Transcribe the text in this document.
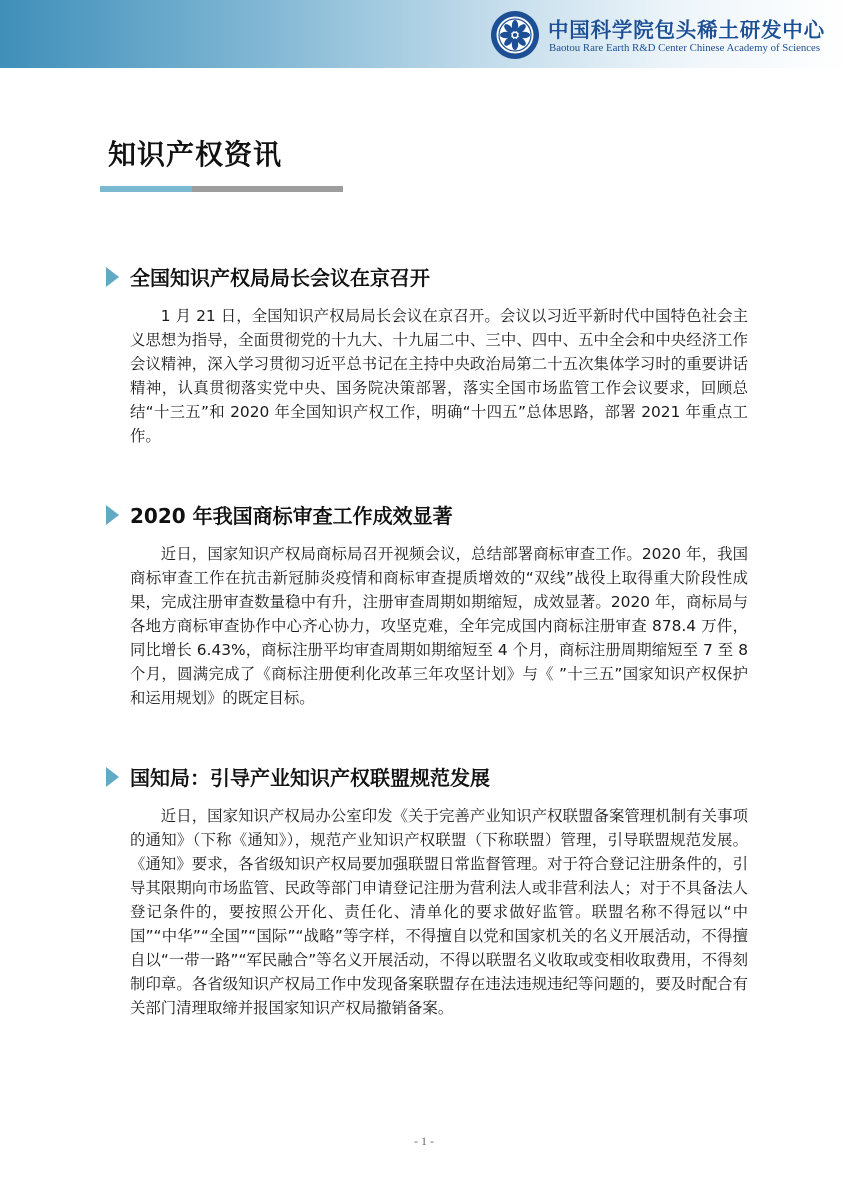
中国科学院包头稀土研发中心
Baotou Rare Earth R&D Center Chinese Academy of Sciences
知识产权资讯
全国知识产权局局长会议在京召开

1 月 21 日，全国知识产权局局长会议在京召开。会议以习近平新时代中国特色社会主义思想为指导，全面贯彻党的十九大、十九届二中、三中、四中、五中全会和中央经济工作会议精神，深入学习贯彻习近平总书记在主持中央政治局第二十五次集体学习时的重要讲话精神，认真贯彻落实党中央、国务院决策部署，落实全国市场监管工作会议要求，回顾总结“十三五”和 2020 年全国知识产权工作，明确“十四五”总体思路，部署 2021 年重点工作。

2020 年我国商标审查工作成效显著

近日，国家知识产权局商标局召开视频会议，总结部署商标审查工作。2020 年，我国商标审查工作在抗击新冠肺炎疫情和商标审查提质增效的“双线”战役上取得重大阶段性成果，完成注册审查数量稳中有升，注册审查周期如期缩短，成效显著。2020 年，商标局与各地方商标审查协作中心齐心协力，攻坚克难，全年完成国内商标注册审查 878.4 万件，同比增长 6.43%，商标注册平均审查周期如期缩短至 4 个月，商标注册周期缩短至 7 至 8 个月，圆满完成了《商标注册便利化改革三年攻坚计划》与《 ”十三五”国家知识产权保护和运用规划》的既定目标。

国知局：引导产业知识产权联盟规范发展

近日，国家知识产权局办公室印发《关于完善产业知识产权联盟备案管理机制有关事项的通知》（下称《通知》），规范产业知识产权联盟（下称联盟）管理，引导联盟规范发展。《通知》要求，各省级知识产权局要加强联盟日常监督管理。对于符合登记注册条件的，引导其限期向市场监管、民政等部门申请登记注册为营利法人或非营利法人；对于不具备法人登记条件的，要按照公开化、责任化、清单化的要求做好监管。联盟名称不得冠以“中国”“中华”“全国”“国际”“战略”等字样，不得擅自以党和国家机关的名义开展活动，不得擅自以“一带一路”“军民融合”等名义开展活动，不得以联盟名义收取或变相收取费用，不得刻制印章。各省级知识产权局工作中发现备案联盟存在违法违规违纪等问题的，要及时配合有关部门清理取缔并报国家知识产权局撤销备案。

- 1 -
